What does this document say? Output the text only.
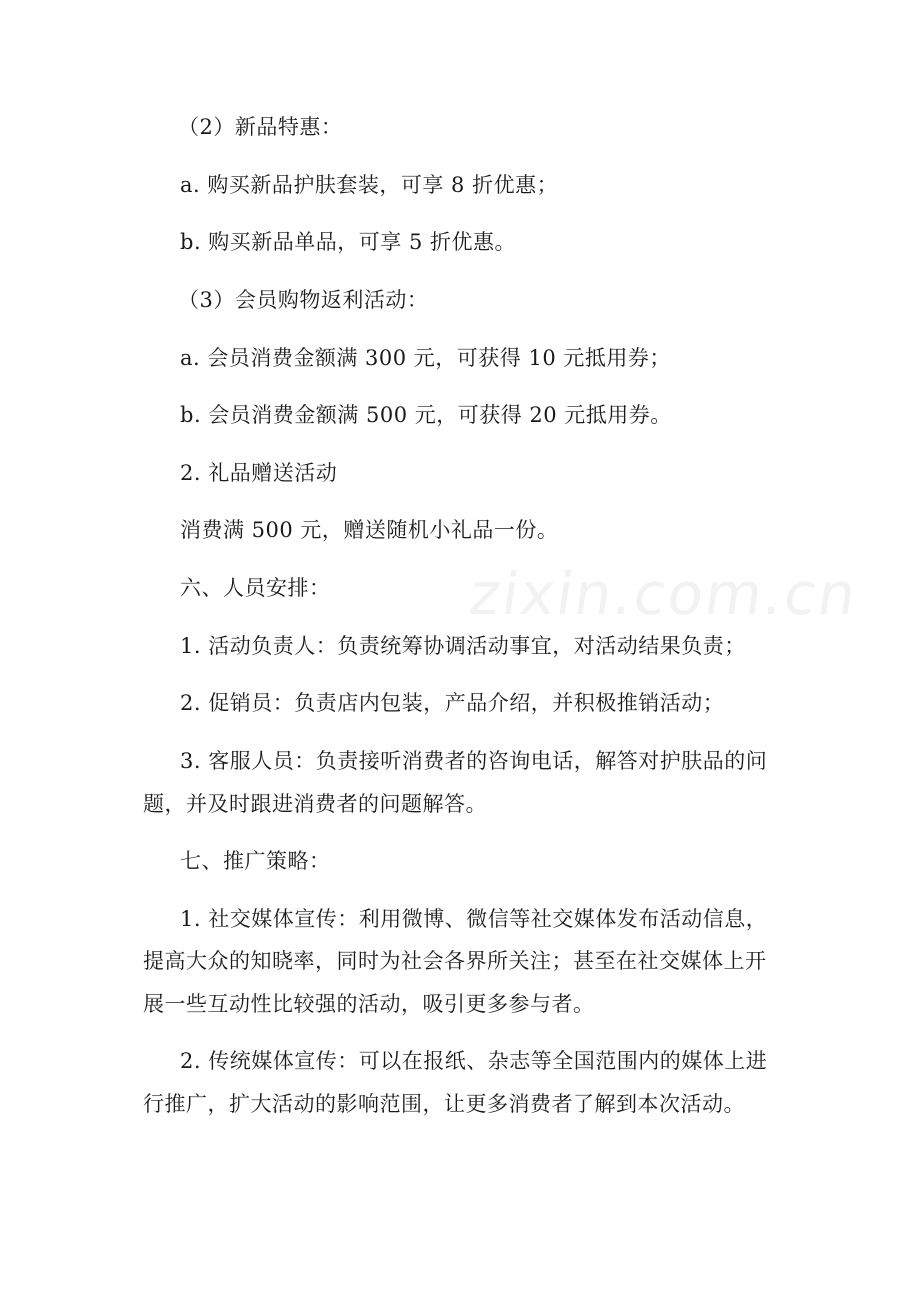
zixin.com.cn
（2）新品特惠：
a. 购买新品护肤套装，可享 8 折优惠；
b. 购买新品单品，可享 5 折优惠。
（3）会员购物返利活动：
a. 会员消费金额满 300 元，可获得 10 元抵用券；
b. 会员消费金额满 500 元，可获得 20 元抵用券。
2. 礼品赠送活动
消费满 500 元，赠送随机小礼品一份。
六、人员安排：
1. 活动负责人：负责统筹协调活动事宜，对活动结果负责；
2. 促销员：负责店内包装，产品介绍，并积极推销活动；
3. 客服人员：负责接听消费者的咨询电话，解答对护肤品的问
题，并及时跟进消费者的问题解答。
七、推广策略：
1. 社交媒体宣传：利用微博、微信等社交媒体发布活动信息，
提高大众的知晓率，同时为社会各界所关注；甚至在社交媒体上开
展一些互动性比较强的活动，吸引更多参与者。
2. 传统媒体宣传：可以在报纸、杂志等全国范围内的媒体上进
行推广，扩大活动的影响范围，让更多消费者了解到本次活动。
